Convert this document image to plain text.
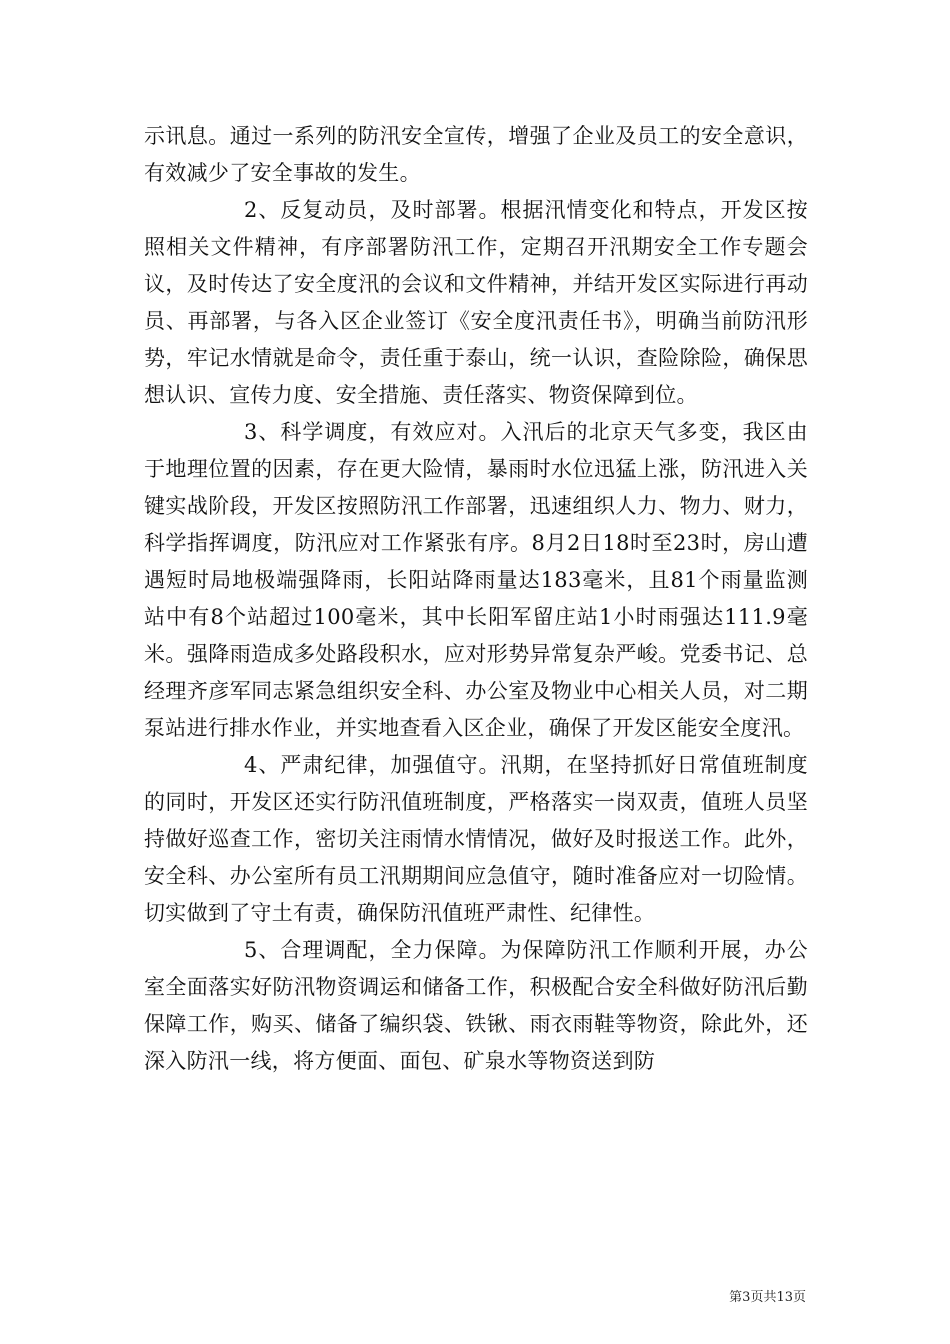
示讯息。通过一系列的防汛安全宣传，增强了企业及员工的安全意识，有效减少了安全事故的发生。

2、反复动员，及时部署。根据汛情变化和特点，开发区按照相关文件精神，有序部署防汛工作，定期召开汛期安全工作专题会议，及时传达了安全度汛的会议和文件精神，并结开发区实际进行再动员、再部署，与各入区企业签订《安全度汛责任书》，明确当前防汛形势，牢记水情就是命令，责任重于泰山，统一认识，查险除险，确保思想认识、宣传力度、安全措施、责任落实、物资保障到位。

3、科学调度，有效应对。入汛后的北京天气多变，我区由于地理位置的因素，存在更大险情，暴雨时水位迅猛上涨，防汛进入关键实战阶段，开发区按照防汛工作部署，迅速组织人力、物力、财力，科学指挥调度，防汛应对工作紧张有序。8月2日18时至23时，房山遭遇短时局地极端强降雨，长阳站降雨量达183毫米，且81个雨量监测站中有8个站超过100毫米，其中长阳军留庄站1小时雨强达111.9毫米。强降雨造成多处路段积水，应对形势异常复杂严峻。党委书记、总经理齐彦军同志紧急组织安全科、办公室及物业中心相关人员，对二期泵站进行排水作业，并实地查看入区企业，确保了开发区能安全度汛。

4、严肃纪律，加强值守。汛期，在坚持抓好日常值班制度的同时，开发区还实行防汛值班制度，严格落实一岗双责，值班人员坚持做好巡查工作，密切关注雨情水情情况，做好及时报送工作。此外，安全科、办公室所有员工汛期期间应急值守，随时准备应对一切险情。切实做到了守土有责，确保防汛值班严肃性、纪律性。

5、合理调配，全力保障。为保障防汛工作顺利开展，办公室全面落实好防汛物资调运和储备工作，积极配合安全科做好防汛后勤保障工作，购买、储备了编织袋、铁锹、雨衣雨鞋等物资，除此外，还深入防汛一线，将方便面、面包、矿泉水等物资送到防

第3页共13页
